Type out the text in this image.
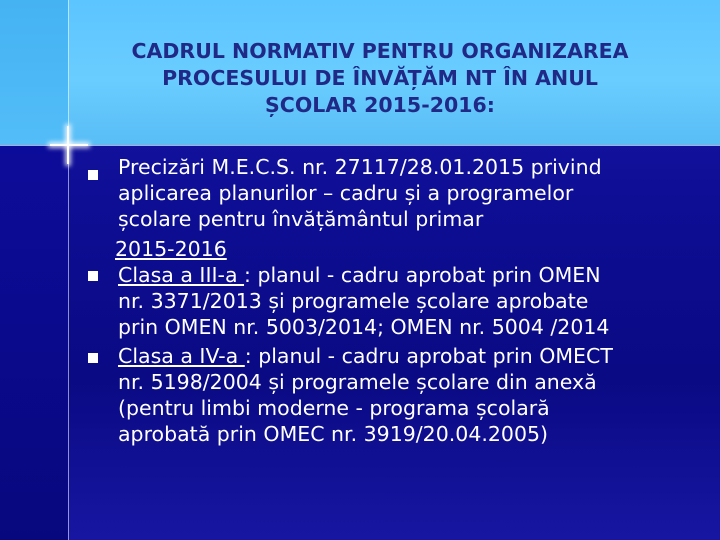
CADRUL NORMATIV PENTRU ORGANIZAREA
PROCESULUI DE ÎNVĂȚĂM NT ÎN ANUL
ȘCOLAR 2015-2016:
Precizări M.E.C.S. nr. 27117/28.01.2015 privind
aplicarea planurilor – cadru și a programelor
școlare pentru învățământul primar
2015-2016
Clasa a III-a : planul - cadru aprobat prin OMEN
nr. 3371/2013 și programele școlare aprobate
prin OMEN nr. 5003/2014; OMEN nr. 5004 /2014
Clasa a IV-a : planul - cadru aprobat prin OMECT
nr. 5198/2004 și programele școlare din anexă
(pentru limbi moderne - programa școlară
aprobată prin OMEC nr. 3919/20.04.2005)
